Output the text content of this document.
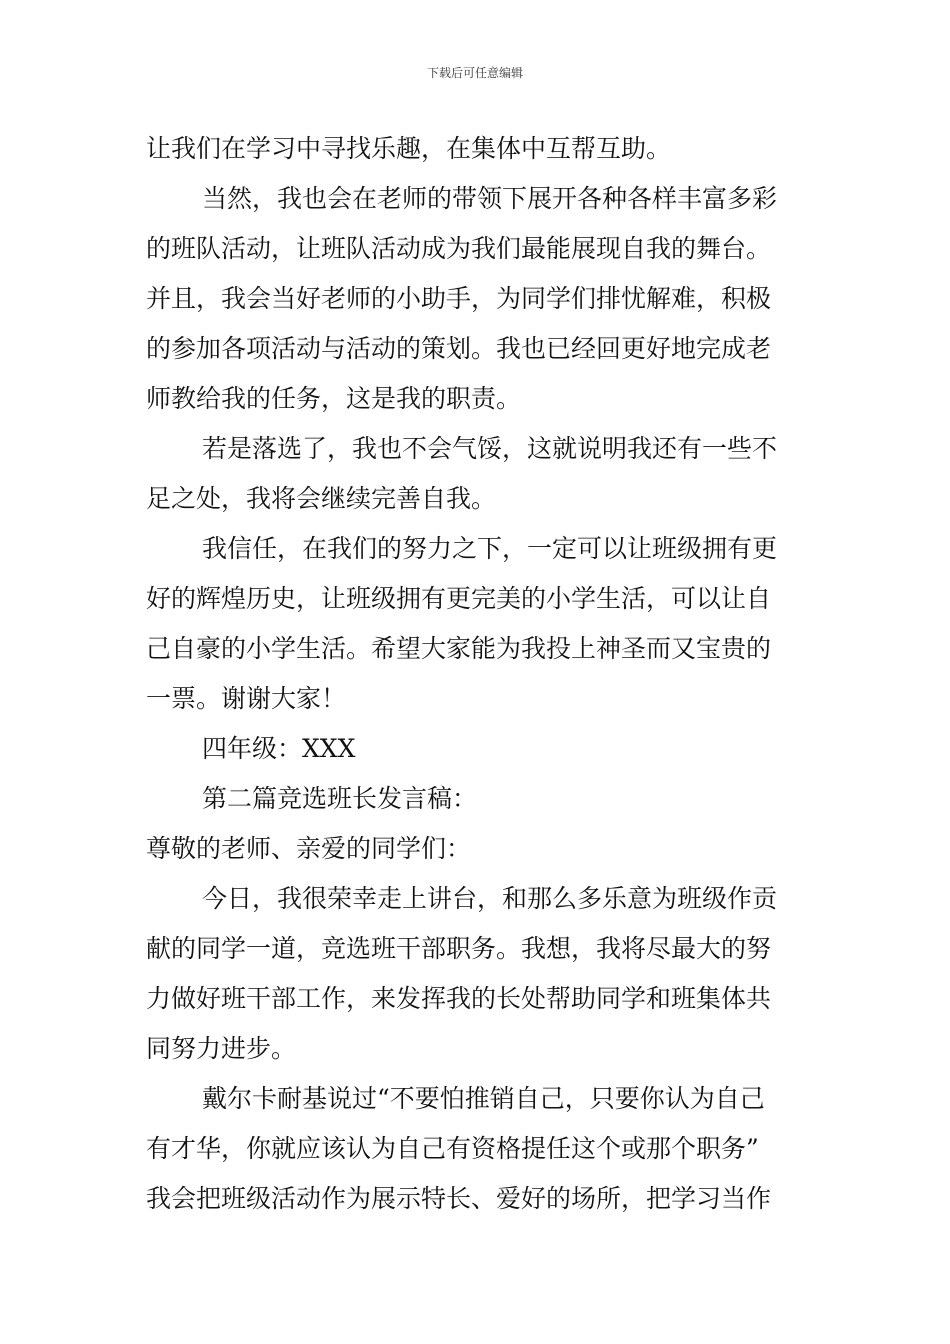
下载后可任意编辑
让我们在学习中寻找乐趣，在集体中互帮互助。
当然，我也会在老师的带领下展开各种各样丰富多彩
的班队活动，让班队活动成为我们最能展现自我的舞台。
并且，我会当好老师的小助手，为同学们排忧解难，积极
的参加各项活动与活动的策划。我也已经回更好地完成老
师教给我的任务，这是我的职责。
若是落选了，我也不会气馁，这就说明我还有一些不
足之处，我将会继续完善自我。
我信任，在我们的努力之下，一定可以让班级拥有更
好的辉煌历史，让班级拥有更完美的小学生活，可以让自
己自豪的小学生活。希望大家能为我投上神圣而又宝贵的
一票。谢谢大家！
四年级：XXX
第二篇竞选班长发言稿：
尊敬的老师、亲爱的同学们：
今日，我很荣幸走上讲台，和那么多乐意为班级作贡
献的同学一道，竞选班干部职务。我想，我将尽最大的努
力做好班干部工作，来发挥我的长处帮助同学和班集体共
同努力进步。
戴尔卡耐基说过“不要怕推销自己，只要你认为自己
有才华，你就应该认为自己有资格提任这个或那个职务”
我会把班级活动作为展示特长、爱好的场所，把学习当作
